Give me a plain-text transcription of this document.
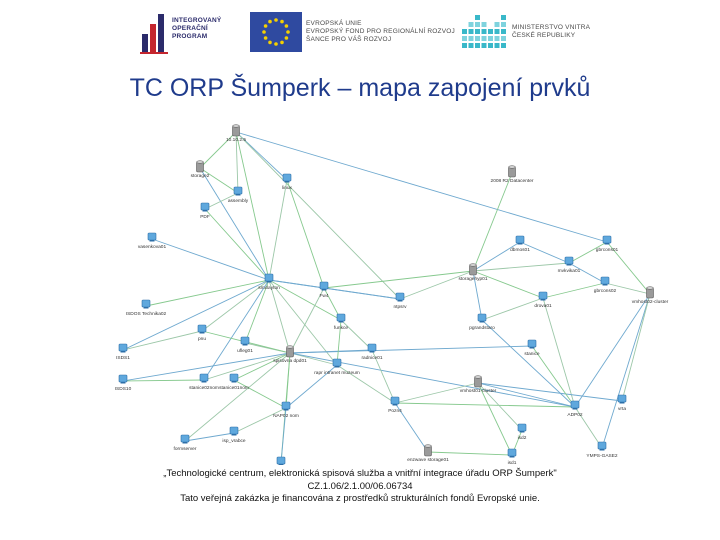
INTEGROVANÝ
OPERAČNÍ
PROGRAM
EVROPSKÁ UNIE
EVROPSKÝ FOND PRO REGIONÁLNÍ ROZVOJ
ŠANCE PRO VÁŠ ROZVOJ
MINISTERSTVO VNITRA
ČESKÉ REPUBLIKY
TC ORP Šumperk – mapa zapojení prvků
10.10.2.5
storage2
linux
assembly
PDF
vasenkova01
2008 R2 Datacenter
dbmos01	gbrcons01
mvkvika01
storagehyp01
Fw4
smxlayton
ISDOS Technika02
ntpsrv	drova01
gbrcons02
vmhost02-cluster
funkce	pgrandstaro
ISDS1
pnu
ufleg01
spisovna dpd01
radnice01
rapr intranet muzeum
stanice
ISDS10	stanice02nom stanice01nom
vmhost01-cluster
Pozn4	vrta
ADP02
NAP02 nom
isp_vrabce
formserver
enzwave storage01
isd2
YMPS-GASE2
isd1
„Technologické centrum, elektronická spisová služba a vnitřní integrace úřadu ORP Šumperk"
CZ.1.06/2.1.00/06.06734
Tato veřejná zakázka je financována z prostředků strukturálních fondů Evropské unie.
